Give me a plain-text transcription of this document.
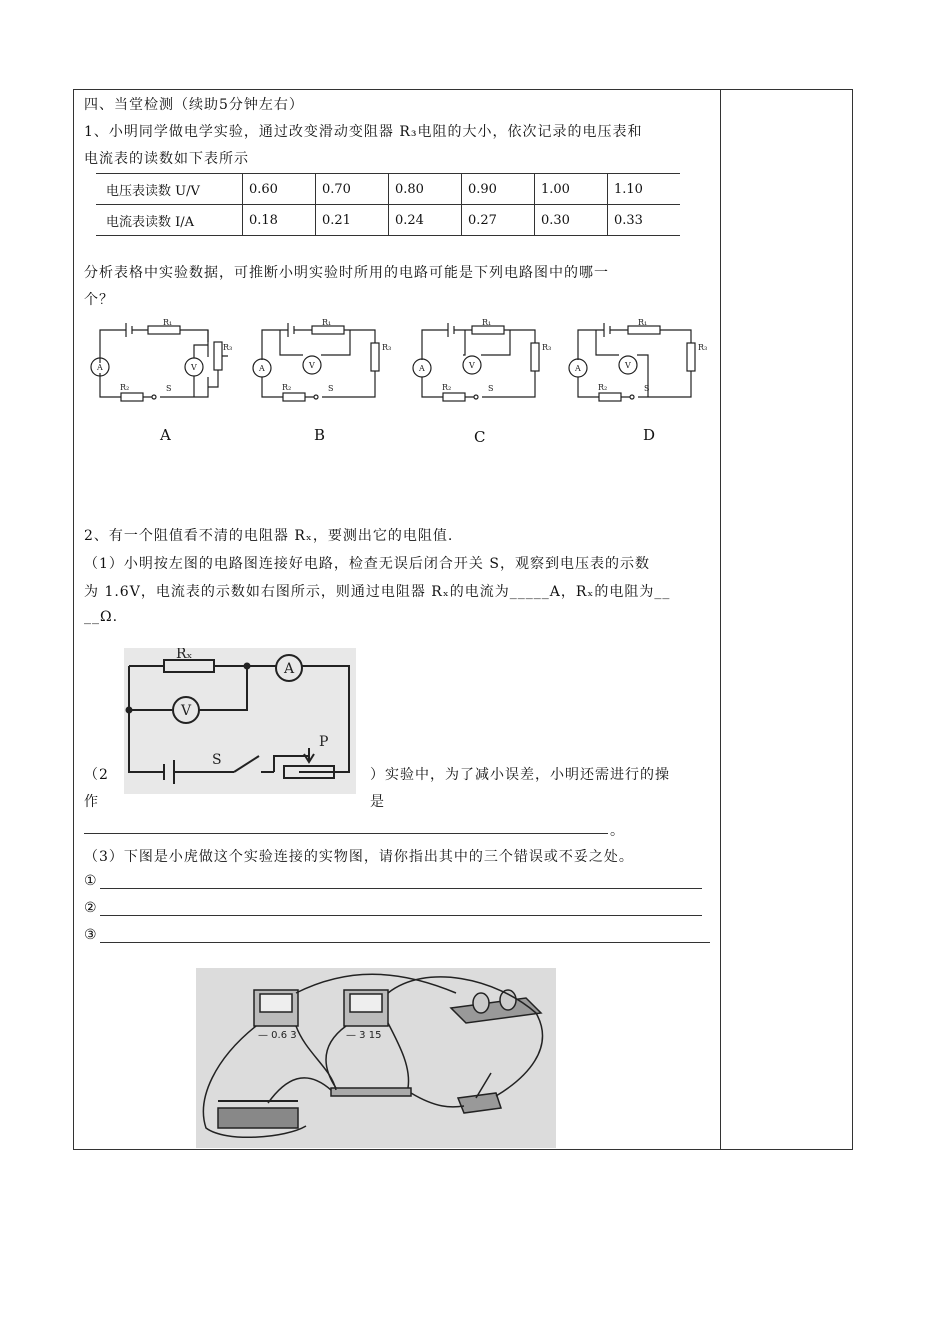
四、当堂检测（续助5分钟左右）
1、小明同学做电学实验，通过改变滑动变阻器 R₃电阻的大小，依次记录的电压表和
电流表的读数如下表所示
电压表读数 U/V	0.60	0.70	0.80	0.90	1.00	1.10
电流表读数 I/A	0.18	0.21	0.24	0.27	0.30	0.33
分析表格中实验数据，可推断小明实验时所用的电路可能是下列电路图中的哪一
个？
R₁
R₃
A	V
R₂	S
R₁
R₃
A	V
R₂	S
R₁
R₃
A	V
R₂	S
R₁
R₃
A	V
R₂	S
A	B	C	D
2、有一个阻值看不清的电阻器 Rₓ，要测出它的电阻值.
（1）小明按左图的电路图连接好电路，检查无误后闭合开关 S，观察到电压表的示数
为 1.6V，电流表的示数如右图所示，则通过电阻器 Rₓ的电流为_____A，Rₓ的电阻为__
__Ω.
Rₓ
A
V
S
P
（2
作
）实验中，为了减小误差，小明还需进行的操
是
。
（3）下图是小虎做这个实验连接的实物图，请你指出其中的三个错误或不妥之处。
①
②
③
— 0.6 3	— 3 15
